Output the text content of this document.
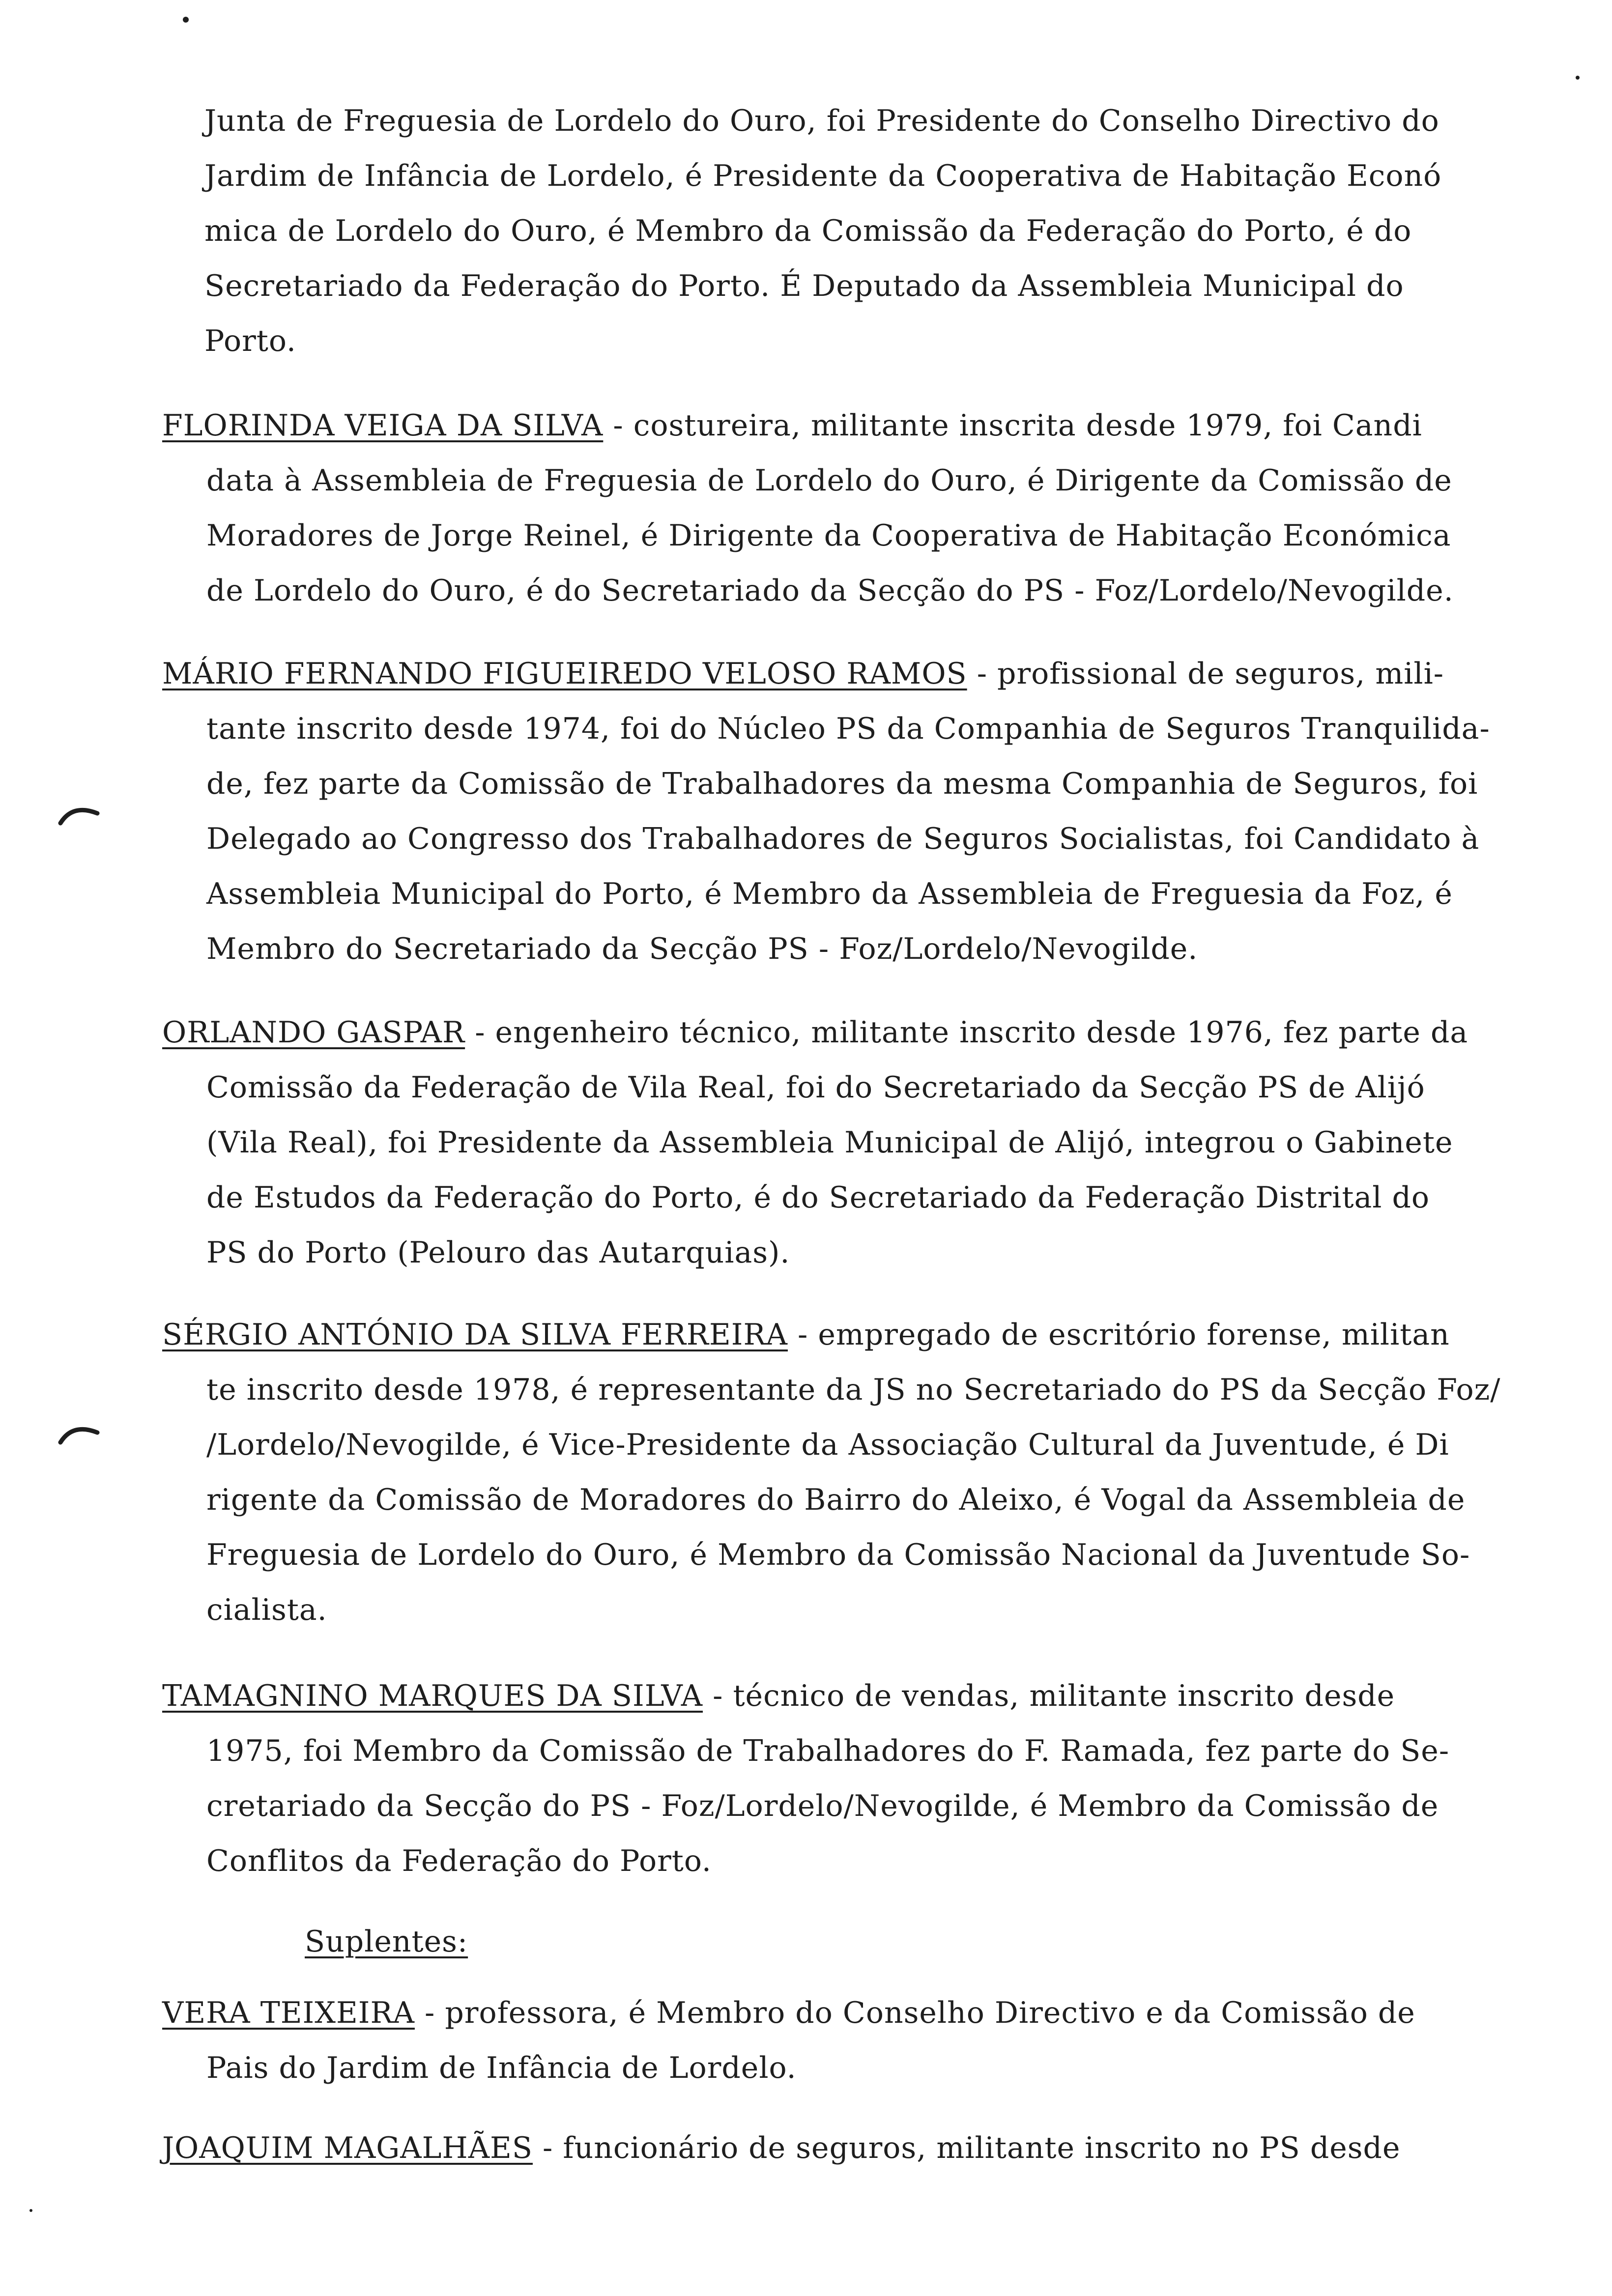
Junta de Freguesia de Lordelo do Ouro, foi Presidente do Conselho Directivo do
Jardim de Infância de Lordelo, é Presidente da Cooperativa de Habitação Econó
mica de Lordelo do Ouro, é Membro da Comissão da Federação do Porto, é do
Secretariado da Federação do Porto. É Deputado da Assembleia Municipal do
Porto.
FLORINDA VEIGA DA SILVA - costureira, militante inscrita desde 1979, foi Candi
data à Assembleia de Freguesia de Lordelo do Ouro, é Dirigente da Comissão de
Moradores de Jorge Reinel, é Dirigente da Cooperativa de Habitação Económica
de Lordelo do Ouro, é do Secretariado da Secção do PS - Foz/Lordelo/Nevogilde.
MÁRIO FERNANDO FIGUEIREDO VELOSO RAMOS - profissional de seguros, mili-
tante inscrito desde 1974, foi do Núcleo PS da Companhia de Seguros Tranquilida-
de, fez parte da Comissão de Trabalhadores da mesma Companhia de Seguros, foi
Delegado ao Congresso dos Trabalhadores de Seguros Socialistas, foi Candidato à
Assembleia Municipal do Porto, é Membro da Assembleia de Freguesia da Foz, é
Membro do Secretariado da Secção PS - Foz/Lordelo/Nevogilde.
ORLANDO GASPAR - engenheiro técnico, militante inscrito desde 1976, fez parte da
Comissão da Federação de Vila Real, foi do Secretariado da Secção PS de Alijó
(Vila Real), foi Presidente da Assembleia Municipal de Alijó, integrou o Gabinete
de Estudos da Federação do Porto, é do Secretariado da Federação Distrital do
PS do Porto (Pelouro das Autarquias).
SÉRGIO ANTÓNIO DA SILVA FERREIRA - empregado de escritório forense, militan
te inscrito desde 1978, é representante da JS no Secretariado do PS da Secção Foz/
/Lordelo/Nevogilde, é Vice-Presidente da Associação Cultural da Juventude, é Di
rigente da Comissão de Moradores do Bairro do Aleixo, é Vogal da Assembleia de
Freguesia de Lordelo do Ouro, é Membro da Comissão Nacional da Juventude So-
cialista.
TAMAGNINO MARQUES DA SILVA - técnico de vendas, militante inscrito desde
1975, foi Membro da Comissão de Trabalhadores do F. Ramada, fez parte do Se-
cretariado da Secção do PS - Foz/Lordelo/Nevogilde, é Membro da Comissão de
Conflitos da Federação do Porto.
Suplentes:
VERA TEIXEIRA - professora, é Membro do Conselho Directivo e da Comissão de
Pais do Jardim de Infância de Lordelo.
JOAQUIM MAGALHÃES - funcionário de seguros, militante inscrito no PS desde
